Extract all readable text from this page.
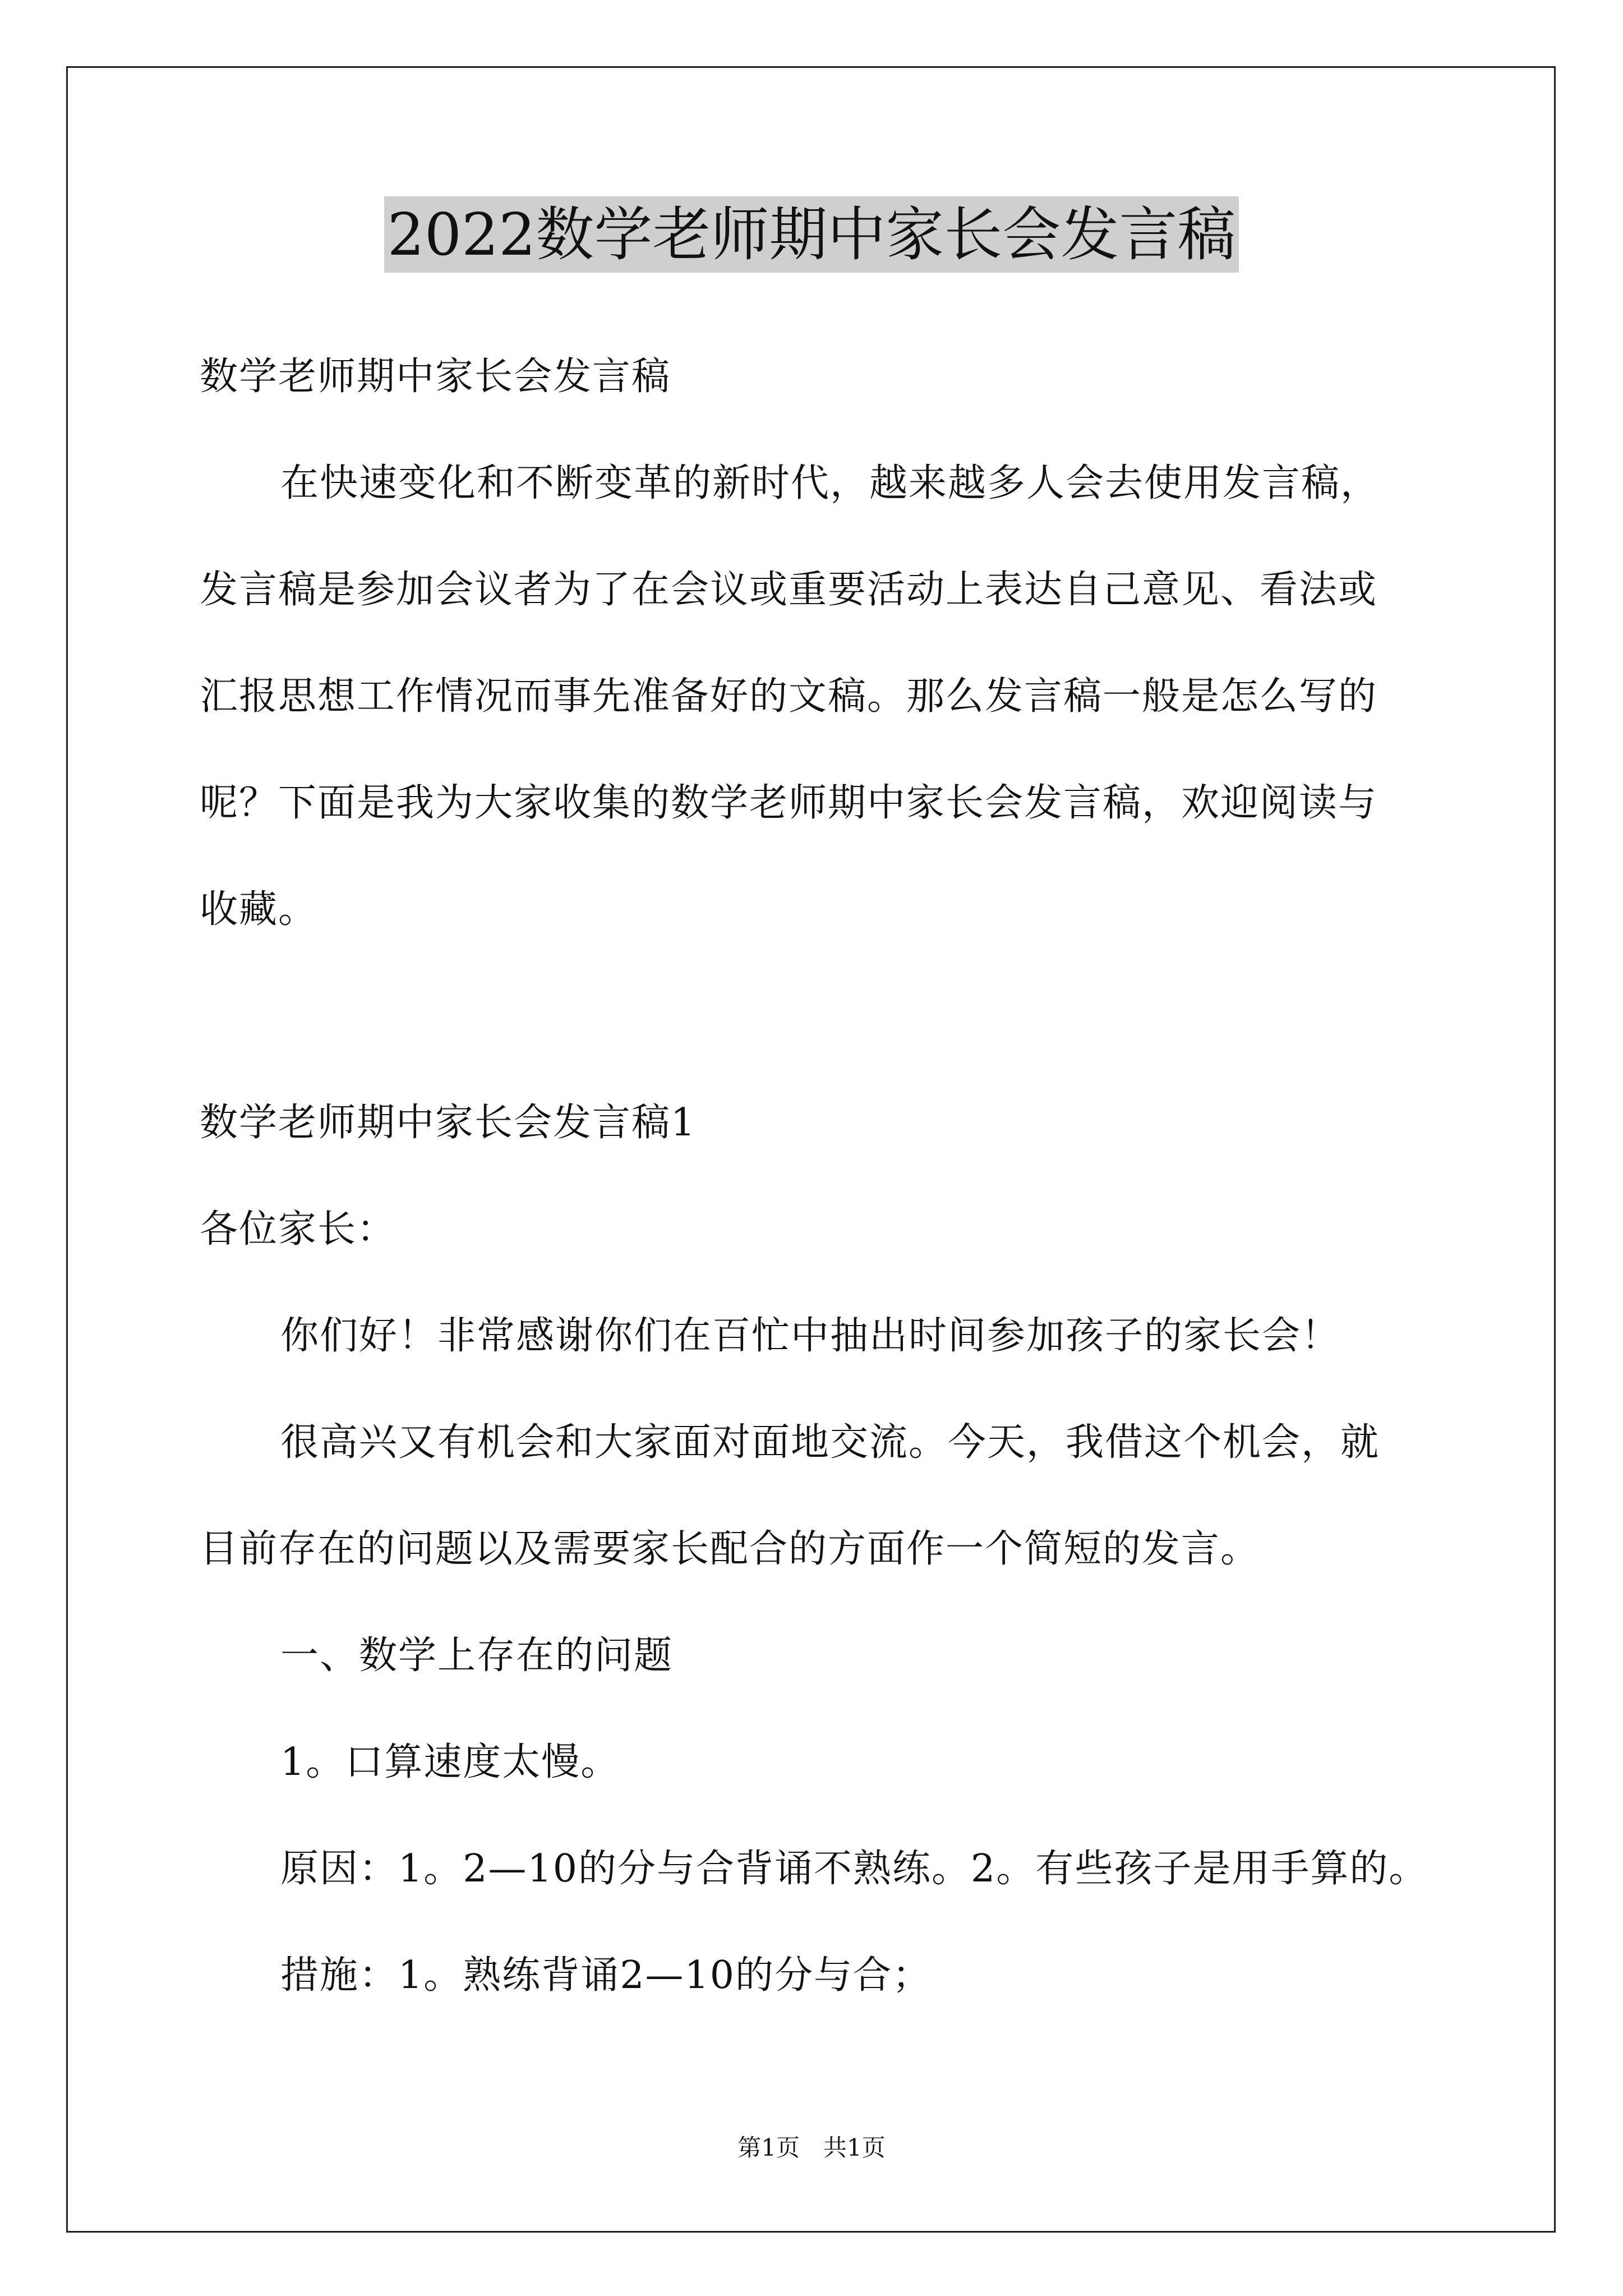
2022数学老师期中家长会发言稿

数学老师期中家长会发言稿

在快速变化和不断变革的新时代，越来越多人会去使用发言稿，

发言稿是参加会议者为了在会议或重要活动上表达自己意见、看法或

汇报思想工作情况而事先准备好的文稿。那么发言稿一般是怎么写的

呢？下面是我为大家收集的数学老师期中家长会发言稿，欢迎阅读与

收藏。

数学老师期中家长会发言稿1

各位家长：

你们好！非常感谢你们在百忙中抽出时间参加孩子的家长会！

很高兴又有机会和大家面对面地交流。今天，我借这个机会，就

目前存在的问题以及需要家长配合的方面作一个简短的发言。

一、数学上存在的问题

1。口算速度太慢。

原因：1。2—10的分与合背诵不熟练。2。有些孩子是用手算的。

措施：1。熟练背诵2—10的分与合；

第1页　共1页
